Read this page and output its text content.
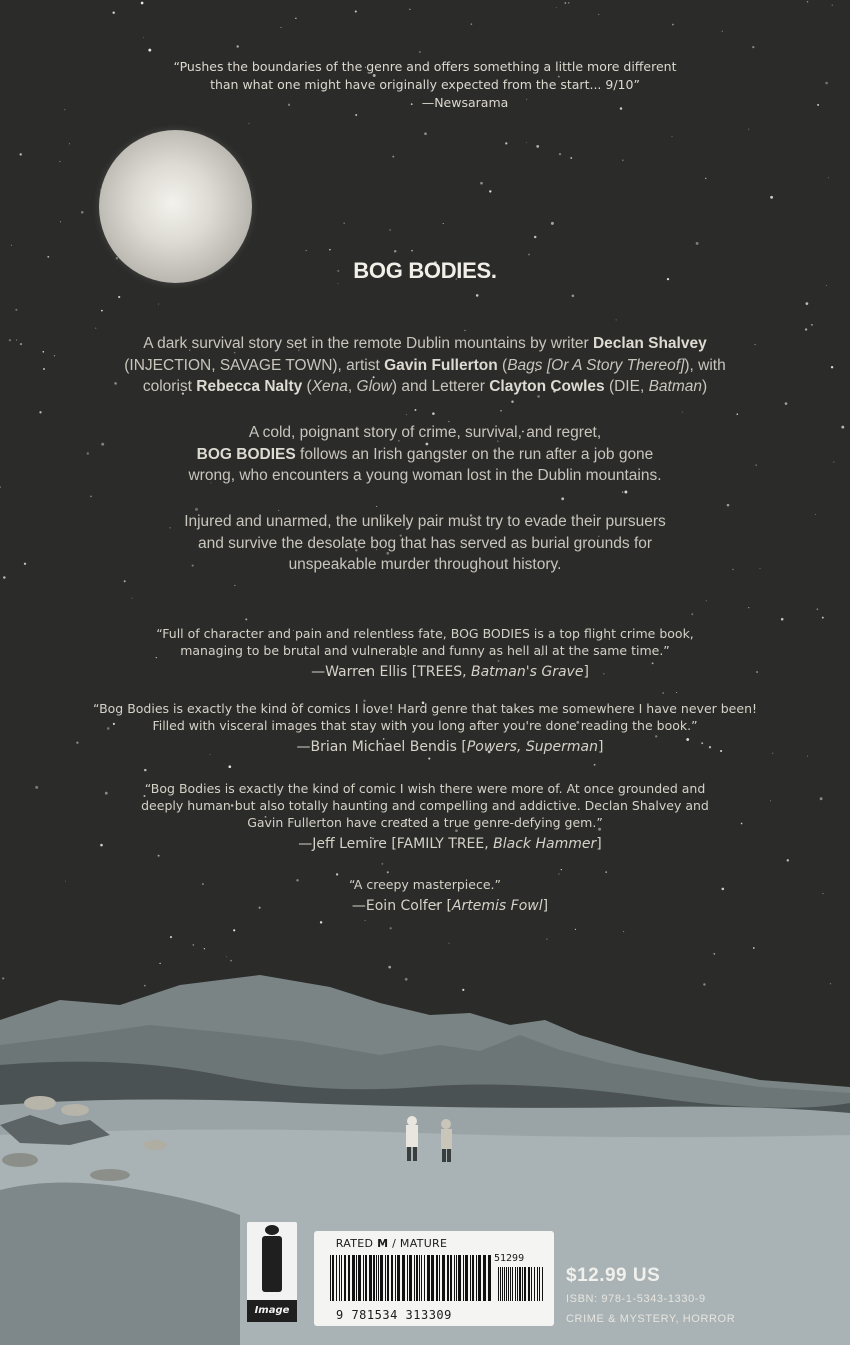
“Pushes the boundaries of the genre and offers something a little more different
than what one might have originally expected from the start... 9/10”
—Newsarama
BOG BODIES.
A dark survival story set in the remote Dublin mountains by writer Declan Shalvey
(INJECTION, SAVAGE TOWN), artist Gavin Fullerton (Bags [Or A Story Thereof]), with
colorist Rebecca Nalty (Xena, Glow) and Letterer Clayton Cowles (DIE, Batman)
A cold, poignant story of crime, survival, and regret,
BOG BODIES follows an Irish gangster on the run after a job gone
wrong, who encounters a young woman lost in the Dublin mountains.
Injured and unarmed, the unlikely pair must try to evade their pursuers
and survive the desolate bog that has served as burial grounds for
unspeakable murder throughout history.
“Full of character and pain and relentless fate, BOG BODIES is a top flight crime book,
managing to be brutal and vulnerable and funny as hell all at the same time.”
—Warren Ellis [TREES, Batman's Grave]
“Bog Bodies is exactly the kind of comics I love! Hard genre that takes me somewhere I have never been!
Filled with visceral images that stay with you long after you're done reading the book.”
—Brian Michael Bendis [Powers, Superman]
“Bog Bodies is exactly the kind of comic I wish there were more of. At once grounded and
deeply human but also totally haunting and compelling and addictive. Declan Shalvey and
Gavin Fullerton have created a true genre-defying gem.”
—Jeff Lemire [FAMILY TREE, Black Hammer]
“A creepy masterpiece.”
—Eoin Colfer [Artemis Fowl]
Image
RATED M / MATURE
51299
9 781534 313309
$12.99 US
ISBN: 978-1-5343-1330-9
CRIME & MYSTERY, HORROR
